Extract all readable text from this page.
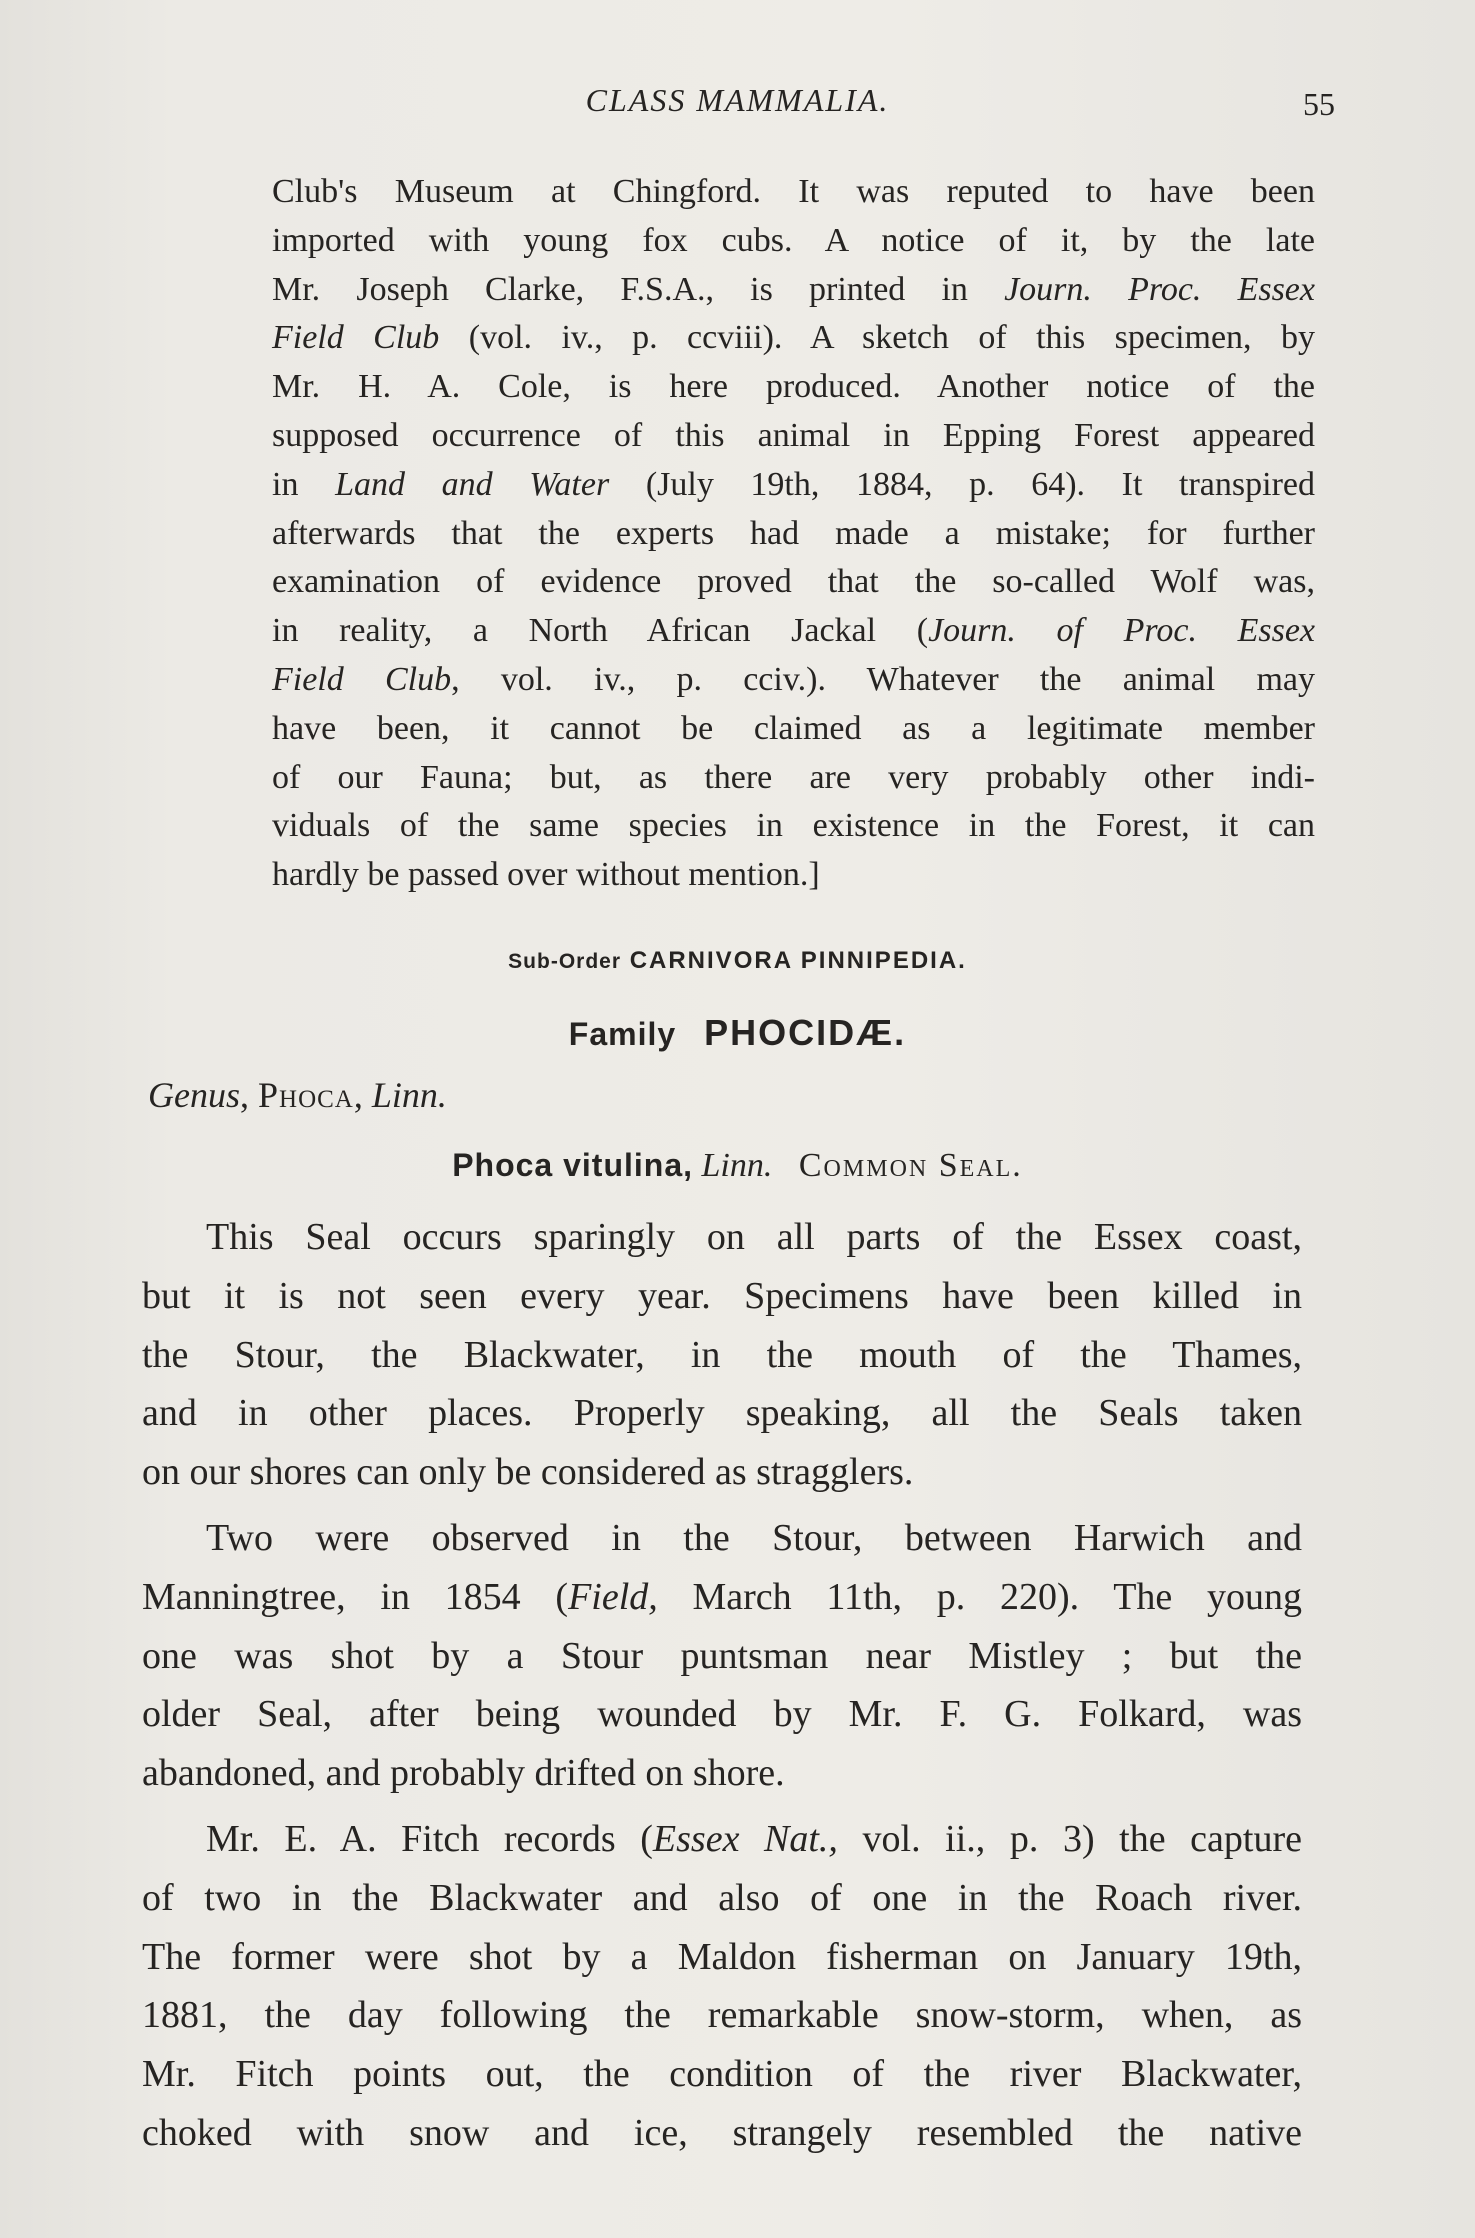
CLASS MAMMALIA.	55
Club's Museum at Chingford. It was reputed to have been
imported with young fox cubs. A notice of it, by the late
Mr. Joseph Clarke, F.S.A., is printed in Journ. Proc. Essex
Field Club (vol. iv., p. ccviii). A sketch of this specimen, by
Mr. H. A. Cole, is here produced. Another notice of the
supposed occurrence of this animal in Epping Forest appeared
in Land and Water (July 19th, 1884, p. 64). It transpired
afterwards that the experts had made a mistake; for further
examination of evidence proved that the so-called Wolf was,
in reality, a North African Jackal (Journ. of Proc. Essex
Field Club, vol. iv., p. cciv.). Whatever the animal may
have been, it cannot be claimed as a legitimate member
of our Fauna; but, as there are very probably other indi-
viduals of the same species in existence in the Forest, it can
hardly be passed over without mention.]
Sub-Order CARNIVORA PINNIPEDIA.
Family PHOCIDÆ.
Genus, Phoca, Linn.
Phoca vitulina, Linn. Common Seal.
This Seal occurs sparingly on all parts of the Essex coast,
but it is not seen every year. Specimens have been killed in
the Stour, the Blackwater, in the mouth of the Thames,
and in other places. Properly speaking, all the Seals taken
on our shores can only be considered as stragglers.
Two were observed in the Stour, between Harwich and
Manningtree, in 1854 (Field, March 11th, p. 220). The young
one was shot by a Stour puntsman near Mistley ; but the
older Seal, after being wounded by Mr. F. G. Folkard, was
abandoned, and probably drifted on shore.
Mr. E. A. Fitch records (Essex Nat., vol. ii., p. 3) the capture
of two in the Blackwater and also of one in the Roach river.
The former were shot by a Maldon fisherman on January 19th,
1881, the day following the remarkable snow-storm, when, as
Mr. Fitch points out, the condition of the river Blackwater,
choked with snow and ice, strangely resembled the native
